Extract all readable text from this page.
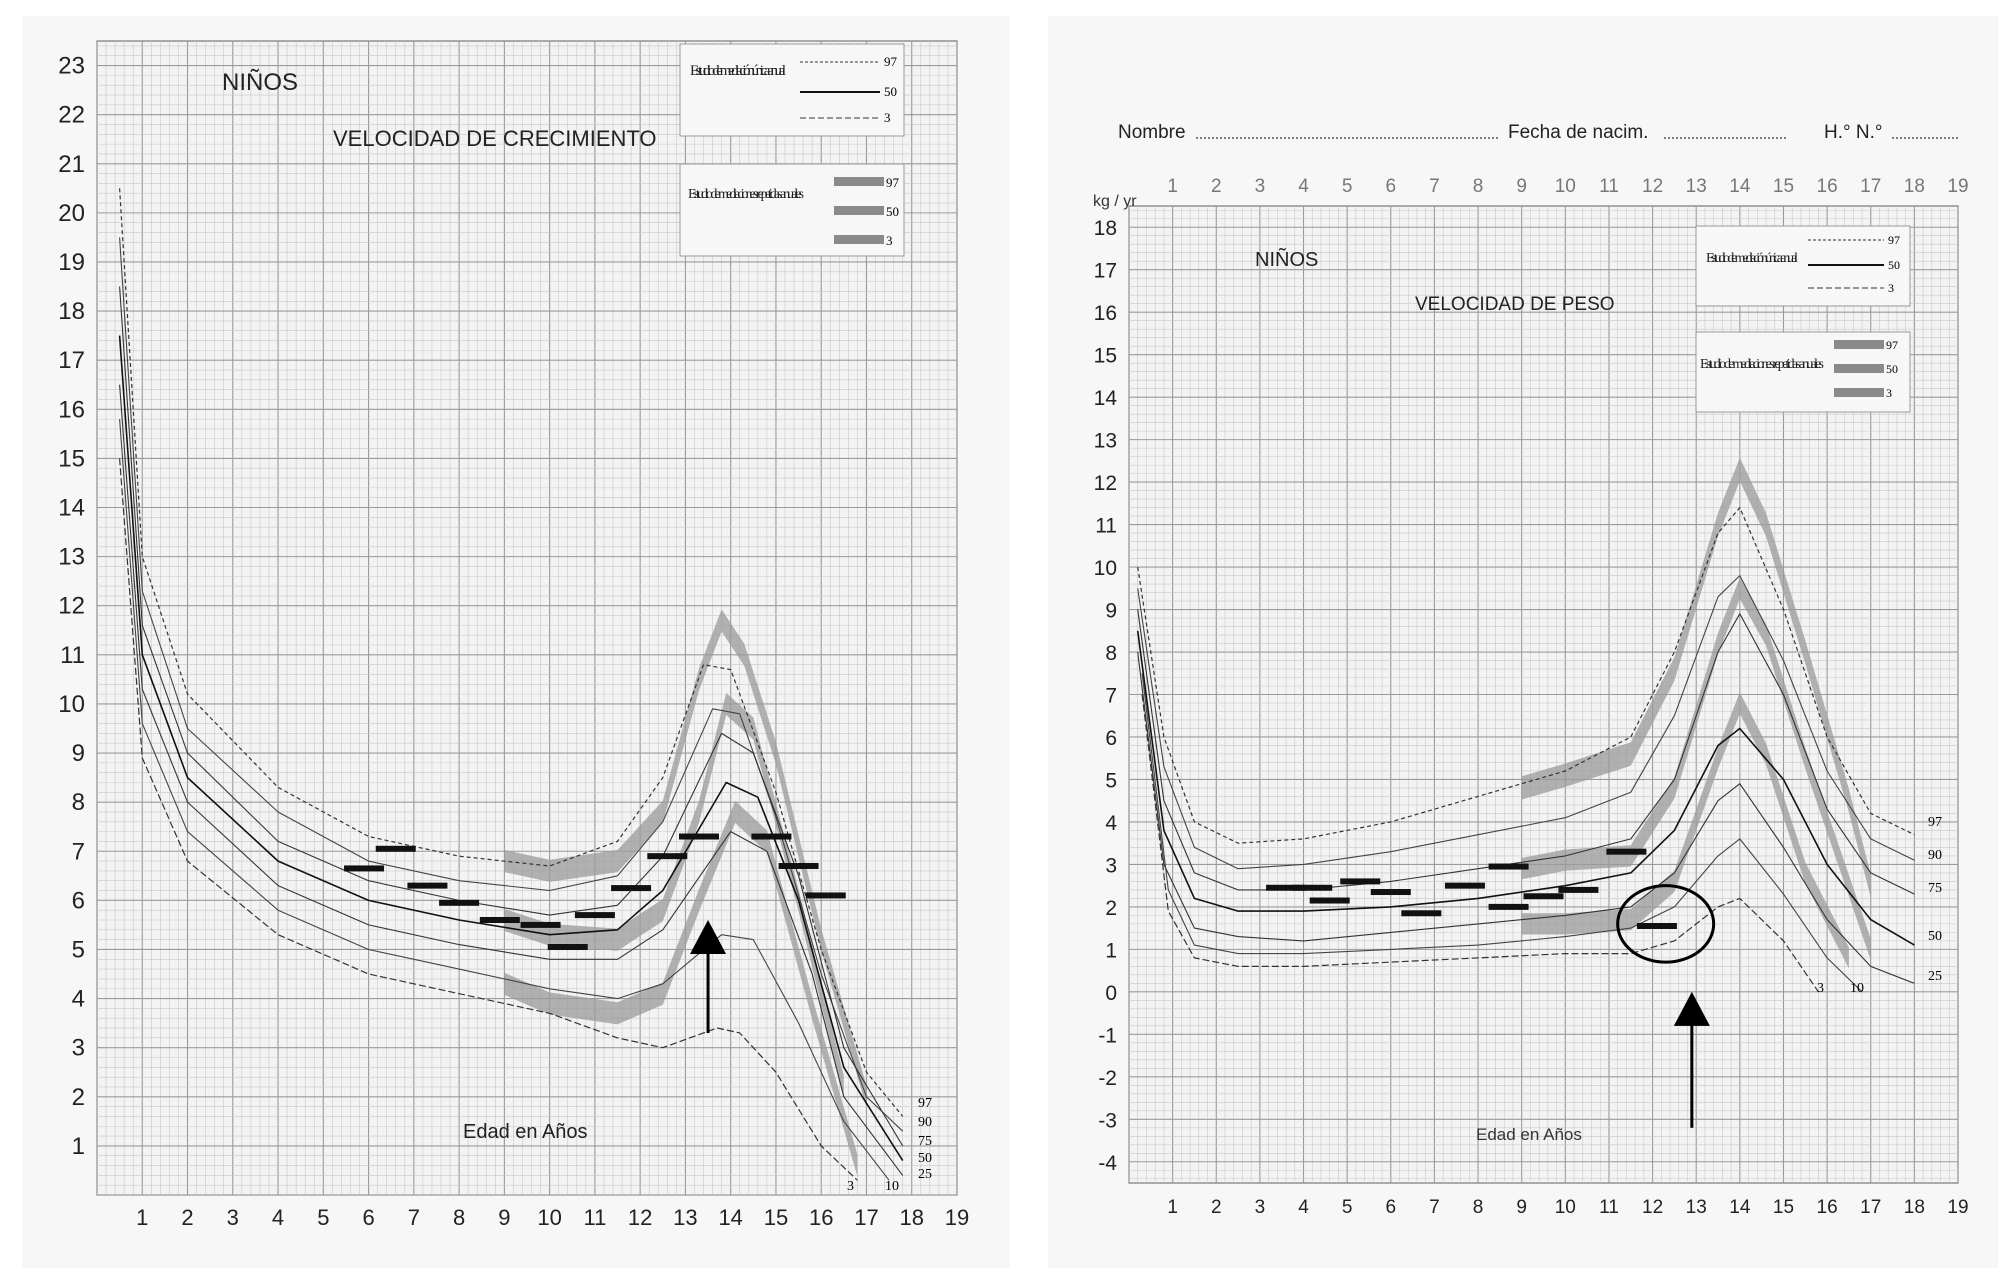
1
2
3
4
5
6
7
8
9
10
11
12
13
14
15
16
17
18
19
20
21
22
23
1 2 3 4 5 6 7 8 9 10 11 12 13 14 15 16 17 18 19
NIÑOS
VELOCIDAD DE CRECIMIENTO
Estudio de mediación única anual
97
50
3
Estudio de mediaciones repetidas anuales
97
50
3
Edad en Años
97
90
75
50
25
3 10
Nombre	Fecha de nacim.	H.° N.°
-4
-3
-2
-1
0
1
2
3
4
5
6
7
8
9
10
11
12
13
14
15
16
17
18
1 2 3 4 5 6 7 8 9 10 11 12 13 14 15 16 17 18 19
1 2 3 4 5 6 7 8 9 10 11 12 13 14 15 16 17 18 19
kg / yr
NIÑOS
VELOCIDAD DE PESO
Estudio de mediación única anual
97
50
3
Estudio de mediaciones repetidas anuales
97
50
3
Edad en Años
97
90
75
50
25
3 10
